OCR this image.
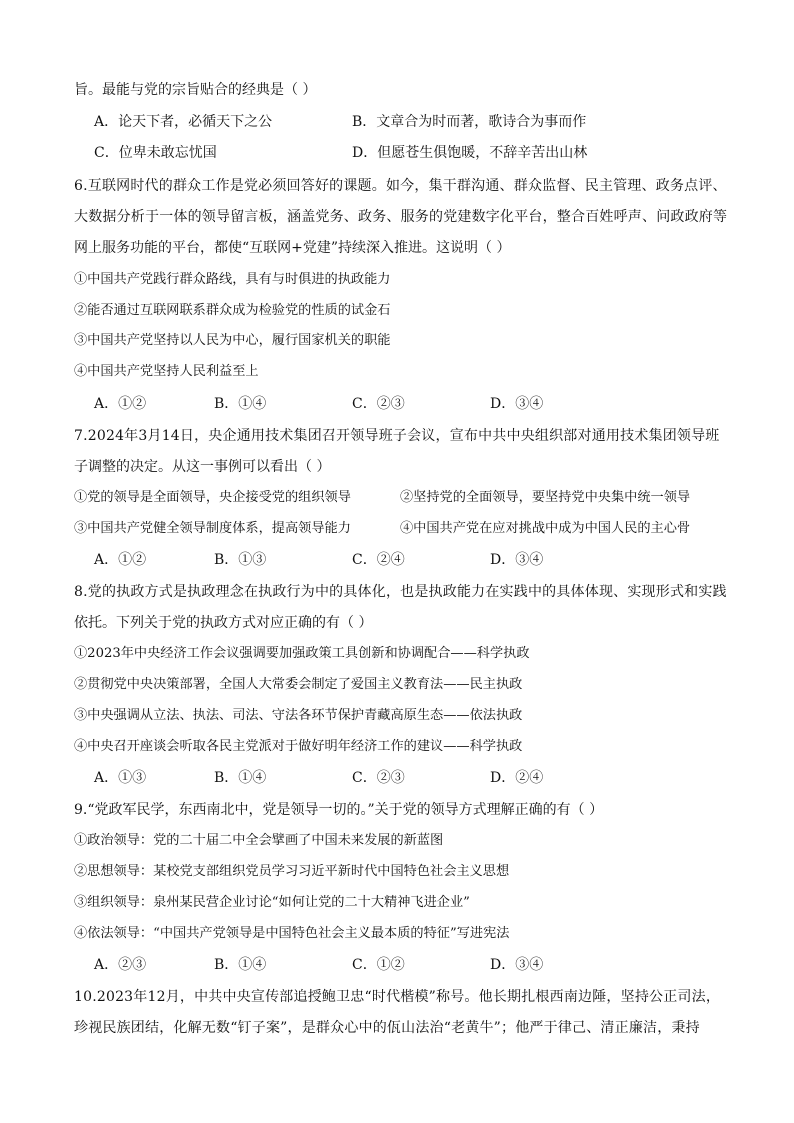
旨。最能与党的宗旨贴合的经典是（ ）
A．论天下者，必循天下之公	B．文章合为时而著，歌诗合为事而作
C．位卑未敢忘忧国	D．但愿苍生俱饱暖，不辞辛苦出山林
6.互联网时代的群众工作是党必须回答好的课题。如今，集干群沟通、群众监督、民主管理、政务点评、
大数据分析于一体的领导留言板，涵盖党务、政务、服务的党建数字化平台，整合百姓呼声、问政政府等
网上服务功能的平台，都使“互联网+党建”持续深入推进。这说明（ ）
①中国共产党践行群众路线，具有与时俱进的执政能力
②能否通过互联网联系群众成为检验党的性质的试金石
③中国共产党坚持以人民为中心，履行国家机关的职能
④中国共产党坚持人民利益至上
A．①②	B．①④	C．②③	D．③④
7.2024年3月14日，央企通用技术集团召开领导班子会议，宣布中共中央组织部对通用技术集团领导班
子调整的决定。从这一事例可以看出（ ）
①党的领导是全面领导，央企接受党的组织领导	②坚持党的全面领导，要坚持党中央集中统一领导
③中国共产党健全领导制度体系，提高领导能力	④中国共产党在应对挑战中成为中国人民的主心骨
A．①②	B．①③	C．②④	D．③④
8.党的执政方式是执政理念在执政行为中的具体化，也是执政能力在实践中的具体体现、实现形式和实践
依托。下列关于党的执政方式对应正确的有（ ）
①2023年中央经济工作会议强调要加强政策工具创新和协调配合——科学执政
②贯彻党中央决策部署，全国人大常委会制定了爱国主义教育法——民主执政
③中央强调从立法、执法、司法、守法各环节保护青藏高原生态——依法执政
④中央召开座谈会听取各民主党派对于做好明年经济工作的建议——科学执政
A．①③	B．①④	C．②③	D．②④
9.“党政军民学，东西南北中，党是领导一切的。”关于党的领导方式理解正确的有（ ）
①政治领导：党的二十届二中全会擘画了中国未来发展的新蓝图
②思想领导：某校党支部组织党员学习习近平新时代中国特色社会主义思想
③组织领导：泉州某民营企业讨论“如何让党的二十大精神飞进企业”
④依法领导：“中国共产党领导是中国特色社会主义最本质的特征”写进宪法
A．②③	B．①④	C．①②	D．③④
10.2023年12月，中共中央宣传部追授鲍卫忠“时代楷模”称号。他长期扎根西南边陲，坚持公正司法，
珍视民族团结，化解无数“钉子案”，是群众心中的佤山法治“老黄牛”；他严于律己、清正廉洁，秉持
